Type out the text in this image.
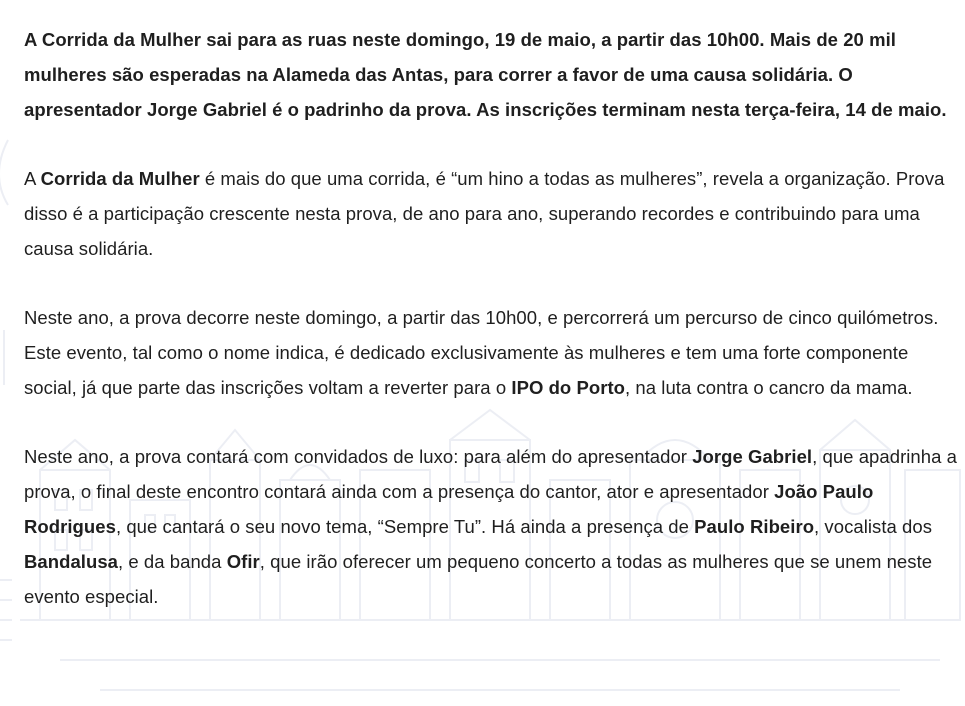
A Corrida da Mulher sai para as ruas neste domingo, 19 de maio, a partir das 10h00. Mais de 20 mil mulheres são esperadas na Alameda das Antas, para correr a favor de uma causa solidária. O apresentador Jorge Gabriel é o padrinho da prova. As inscrições terminam nesta terça-feira, 14 de maio.

A Corrida da Mulher é mais do que uma corrida, é “um hino a todas as mulheres”, revela a organização. Prova disso é a participação crescente nesta prova, de ano para ano, superando recordes e contribuindo para uma causa solidária.

Neste ano, a prova decorre neste domingo, a partir das 10h00, e percorrerá um percurso de cinco quilómetros. Este evento, tal como o nome indica, é dedicado exclusivamente às mulheres e tem uma forte componente social, já que parte das inscrições voltam a reverter para o IPO do Porto, na luta contra o cancro da mama.

Neste ano, a prova contará com convidados de luxo: para além do apresentador Jorge Gabriel, que apadrinha a prova, o final deste encontro contará ainda com a presença do cantor, ator e apresentador João Paulo Rodrigues, que cantará o seu novo tema, “Sempre Tu”. Há ainda a presença de Paulo Ribeiro, vocalista dos Bandalusa, e da banda Ofir, que irão oferecer um pequeno concerto a todas as mulheres que se unem neste evento especial.
